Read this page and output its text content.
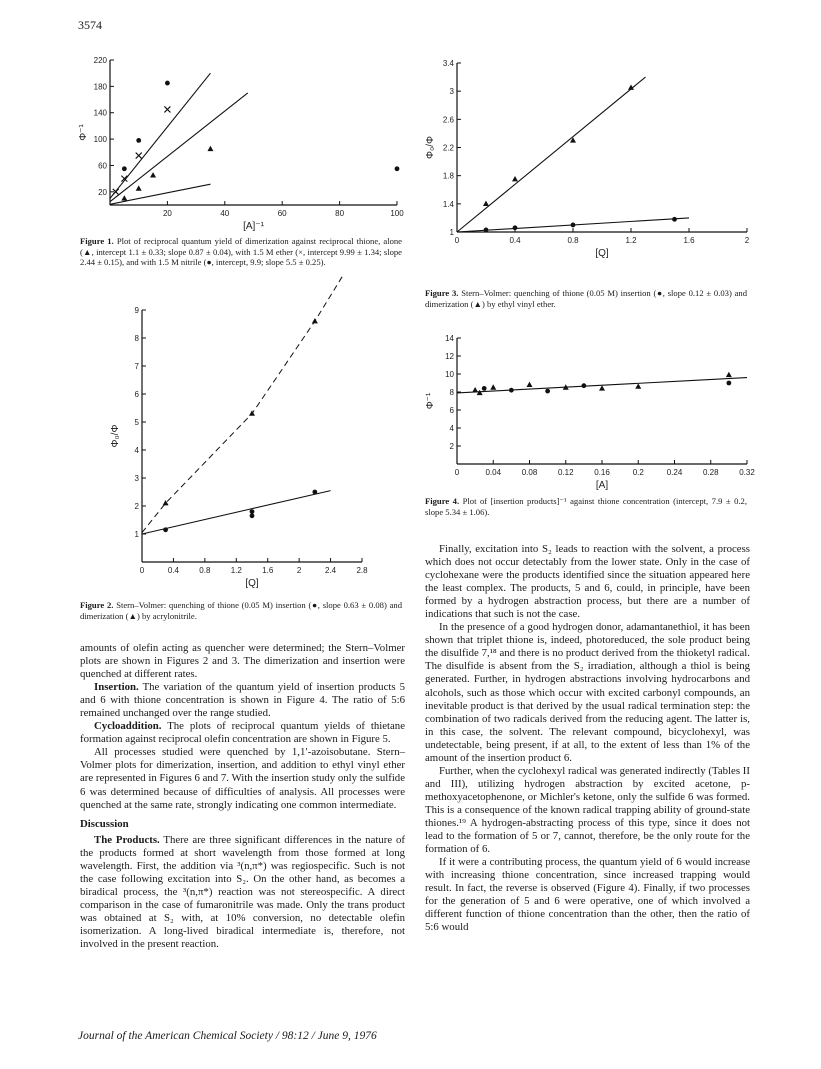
3574
20	40	60	80	100
20
60
100
140
180
220
[A]⁻¹
Φ⁻¹
Figure 1. Plot of reciprocal quantum yield of dimerization against reciprocal thione, alone (▲, intercept 1.1 ± 0.33; slope 0.87 ± 0.04), with 1.5 M ether (×, intercept 9.99 ± 1.34; slope 2.44 ± 0.15), and with 1.5 M nitrile (●, intercept, 9.9; slope 5.5 ± 0.25).
0	0.4	0.8	1.2	1.6	2
1
1.4
1.8
2.2
2.6
3
3.4
[Q]
Φ₀/Φ
Figure 3. Stern–Volmer: quenching of thione (0.05 M) insertion (●, slope 0.12 ± 0.03) and dimerization (▲) by ethyl vinyl ether.
0	0.4	0.8	1.2	1.6	2	2.4	2.8
1
2
3
4
5
6
7
8
9
[Q]
Φ₀/Φ
Figure 2. Stern–Volmer: quenching of thione (0.05 M) insertion (●, slope 0.63 ± 0.08) and dimerization (▲) by acrylonitrile.
0	0.04	0.08	0.12	0.16	0.2	0.24	0.28	0.32
2
4
6
8
10
12
14
[A]
Φ⁻¹
Figure 4. Plot of [insertion products]⁻¹ against thione concentration (intercept, 7.9 ± 0.2, slope 5.34 ± 1.06).

amounts of olefin acting as quencher were determined; the Stern–Volmer plots are shown in Figures 2 and 3. The dimerization and insertion were quenched at different rates.

Insertion. The variation of the quantum yield of insertion products 5 and 6 with thione concentration is shown in Figure 4. The ratio of 5:6 remained unchanged over the range studied.

Cycloaddition. The plots of reciprocal quantum yields of thietane formation against reciprocal olefin concentration are shown in Figure 5.

All processes studied were quenched by 1,1′-azoisobutane. Stern–Volmer plots for dimerization, insertion, and addition to ethyl vinyl ether are represented in Figures 6 and 7. With the insertion study only the sulfide 6 was determined because of difficulties of analysis. All processes were quenched at the same rate, strongly indicating one common intermediate.

Discussion

The Products. There are three significant differences in the nature of the products formed at short wavelength from those formed at long wavelength. First, the addition via ³(n,π*) was regiospecific. Such is not the case following excitation into S₂. On the other hand, as becomes a biradical process, the ³(n,π*) reaction was not stereospecific. A direct comparison in the case of fumaronitrile was made. Only the trans product was obtained at S₂ with, at 10% conversion, no detectable olefin isomerization. A long-lived biradical intermediate is, therefore, not involved in the present reaction.

Finally, excitation into S₂ leads to reaction with the solvent, a process which does not occur detectably from the lower state. Only in the case of cyclohexane were the products identified since the situation appeared here the least complex. The products, 5 and 6, could, in principle, have been formed by a hydrogen abstraction process, but there are a number of indications that such is not the case.

In the presence of a good hydrogen donor, adamantanethiol, it has been shown that triplet thione is, indeed, photoreduced, the sole product being the disulfide 7,¹⁸ and there is no product derived from the thioketyl radical. The disulfide is absent from the S₂ irradiation, although a thiol is being generated. Further, in hydrogen abstractions involving hydrocarbons and alcohols, such as those which occur with excited carbonyl compounds, an inevitable product is that derived by the usual radical termination step: the combination of two radicals derived from the reducing agent. The latter is, in this case, the solvent. The relevant compound, bicyclohexyl, was undetectable, being present, if at all, to the extent of less than 1% of the amount of the insertion product 6.

Further, when the cyclohexyl radical was generated indirectly (Tables II and III), utilizing hydrogen abstraction by excited acetone, p-methoxyacetophenone, or Michler's ketone, only the sulfide 6 was formed. This is a consequence of the known radical trapping ability of ground-state thiones.¹⁹ A hydrogen-abstracting process of this type, since it does not lead to the formation of 5 or 7, cannot, therefore, be the only route for the formation of 6.

If it were a contributing process, the quantum yield of 6 would increase with increasing thione concentration, since increased trapping would result. In fact, the reverse is observed (Figure 4). Finally, if two processes for the generation of 5 and 6 were operative, one of which involved a different function of thione concentration than the other, then the ratio of 5:6 would

Journal of the American Chemical Society / 98:12 / June 9, 1976
